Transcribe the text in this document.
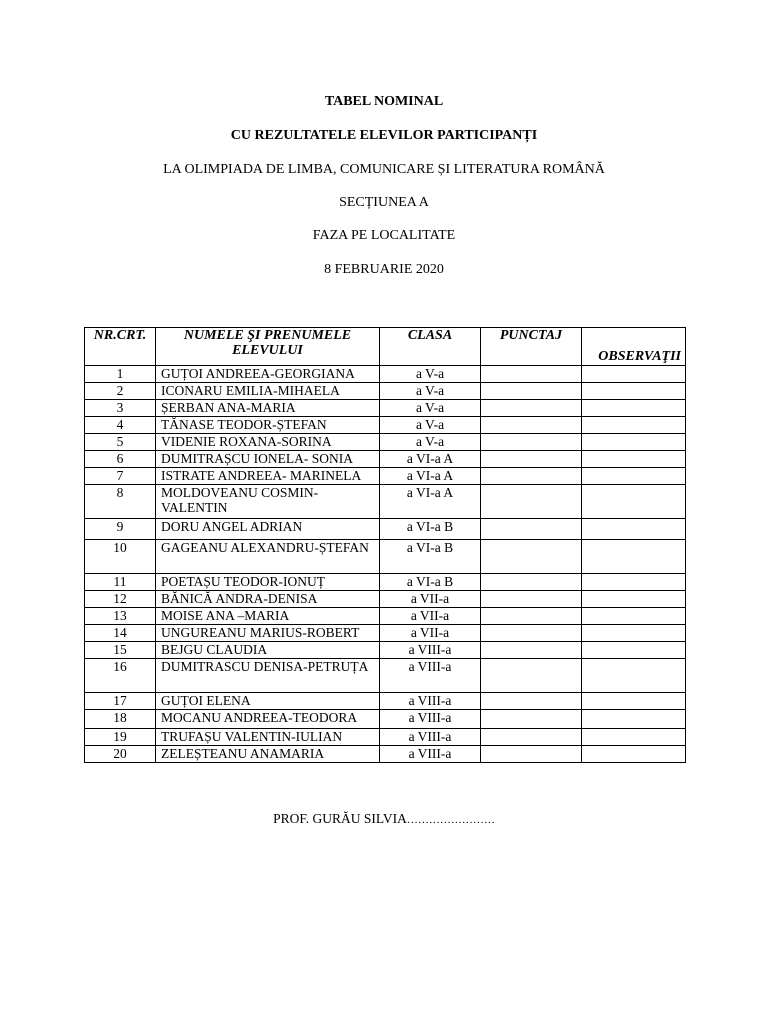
TABEL NOMINAL
CU REZULTATELE ELEVILOR PARTICIPANȚI
LA OLIMPIADA DE LIMBA, COMUNICARE ȘI LITERATURA ROMÂNĂ
SECȚIUNEA A
FAZA PE LOCALITATE
8 FEBRUARIE 2020
NR.CRT.	NUMELE ŞI PRENUMELE ELEVULUI	CLASA	PUNCTAJ	OBSERVAŢII
1	GUȚOI ANDREEA-GEORGIANA	a V-a		
2	ICONARU EMILIA-MIHAELA	a V-a		
3	ȘERBAN ANA-MARIA	a V-a		
4	TĂNASE TEODOR-ȘTEFAN	a V-a		
5	VIDENIE ROXANA-SORINA	a V-a		
6	DUMITRAȘCU IONELA- SONIA	a VI-a A		
7	ISTRATE ANDREEA- MARINELA	a VI-a A		
8	MOLDOVEANU COSMIN-VALENTIN	a VI-a A		
9	DORU ANGEL ADRIAN	a VI-a B		
10	GAGEANU ALEXANDRU-ȘTEFAN	a VI-a B		
11	POETAȘU TEODOR-IONUȚ	a VI-a B		
12	BĂNICĂ ANDRA-DENISA	a VII-a		
13	MOISE ANA –MARIA	a VII-a		
14	UNGUREANU MARIUS-ROBERT	a VII-a		
15	BEJGU CLAUDIA	a VIII-a		
16	DUMITRASCU DENISA-PETRUȚA	a VIII-a		
17	GUȚOI ELENA	a VIII-a		
18	MOCANU ANDREEA-TEODORA	a VIII-a		
19	TRUFAȘU VALENTIN-IULIAN	a VIII-a		
20	ZELEȘTEANU ANAMARIA	a VIII-a		
PROF. GURĂU SILVIA……………………
